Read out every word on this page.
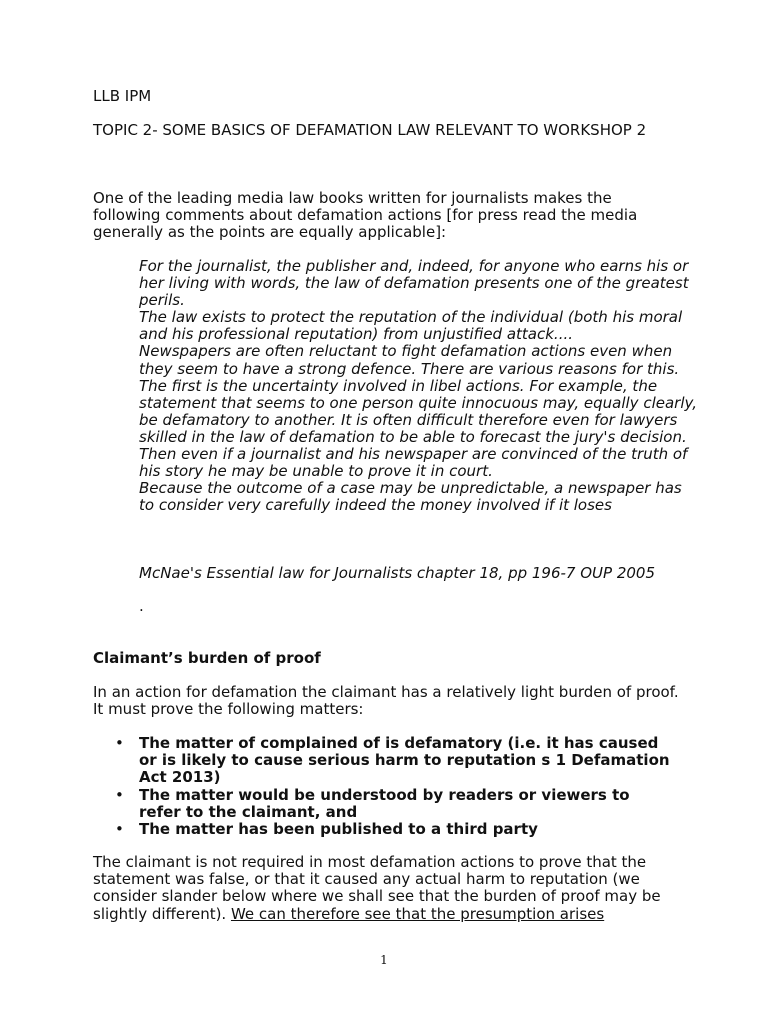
LLB IPM

TOPIC 2- SOME BASICS OF DEFAMATION LAW RELEVANT TO WORKSHOP 2

One of the leading media law books written for journalists makes the following comments about defamation actions [for press read the media generally as the points are equally applicable]:

For the journalist, the publisher and, indeed, for anyone who earns his or her living with words, the law of defamation presents one of the greatest perils.

The law exists to protect the reputation of the individual (both his moral and his professional reputation) from unjustified attack....

Newspapers are often reluctant to fight defamation actions even when they seem to have a strong defence. There are various reasons for this.

The first is the uncertainty involved in libel actions. For example, the statement that seems to one person quite innocuous may, equally clearly, be defamatory to another. It is often difficult therefore even for lawyers skilled in the law of defamation to be able to forecast the jury's decision.

Then even if a journalist and his newspaper are convinced of the truth of his story he may be unable to prove it in court.

Because the outcome of a case may be unpredictable, a newspaper has to consider very carefully indeed the money involved if it loses

McNae's Essential law for Journalists chapter 18, pp 196-7 OUP 2005

.

Claimant’s burden of proof

In an action for defamation the claimant has a relatively light burden of proof. It must prove the following matters:

• The matter of complained of is defamatory (i.e. it has caused or is likely to cause serious harm to reputation s 1 Defamation Act 2013)
• The matter would be understood by readers or viewers to refer to the claimant, and
• The matter has been published to a third party

The claimant is not required in most defamation actions to prove that the statement was false, or that it caused any actual harm to reputation (we consider slander below where we shall see that the burden of proof may be slightly different). We can therefore see that the presumption arises

1
